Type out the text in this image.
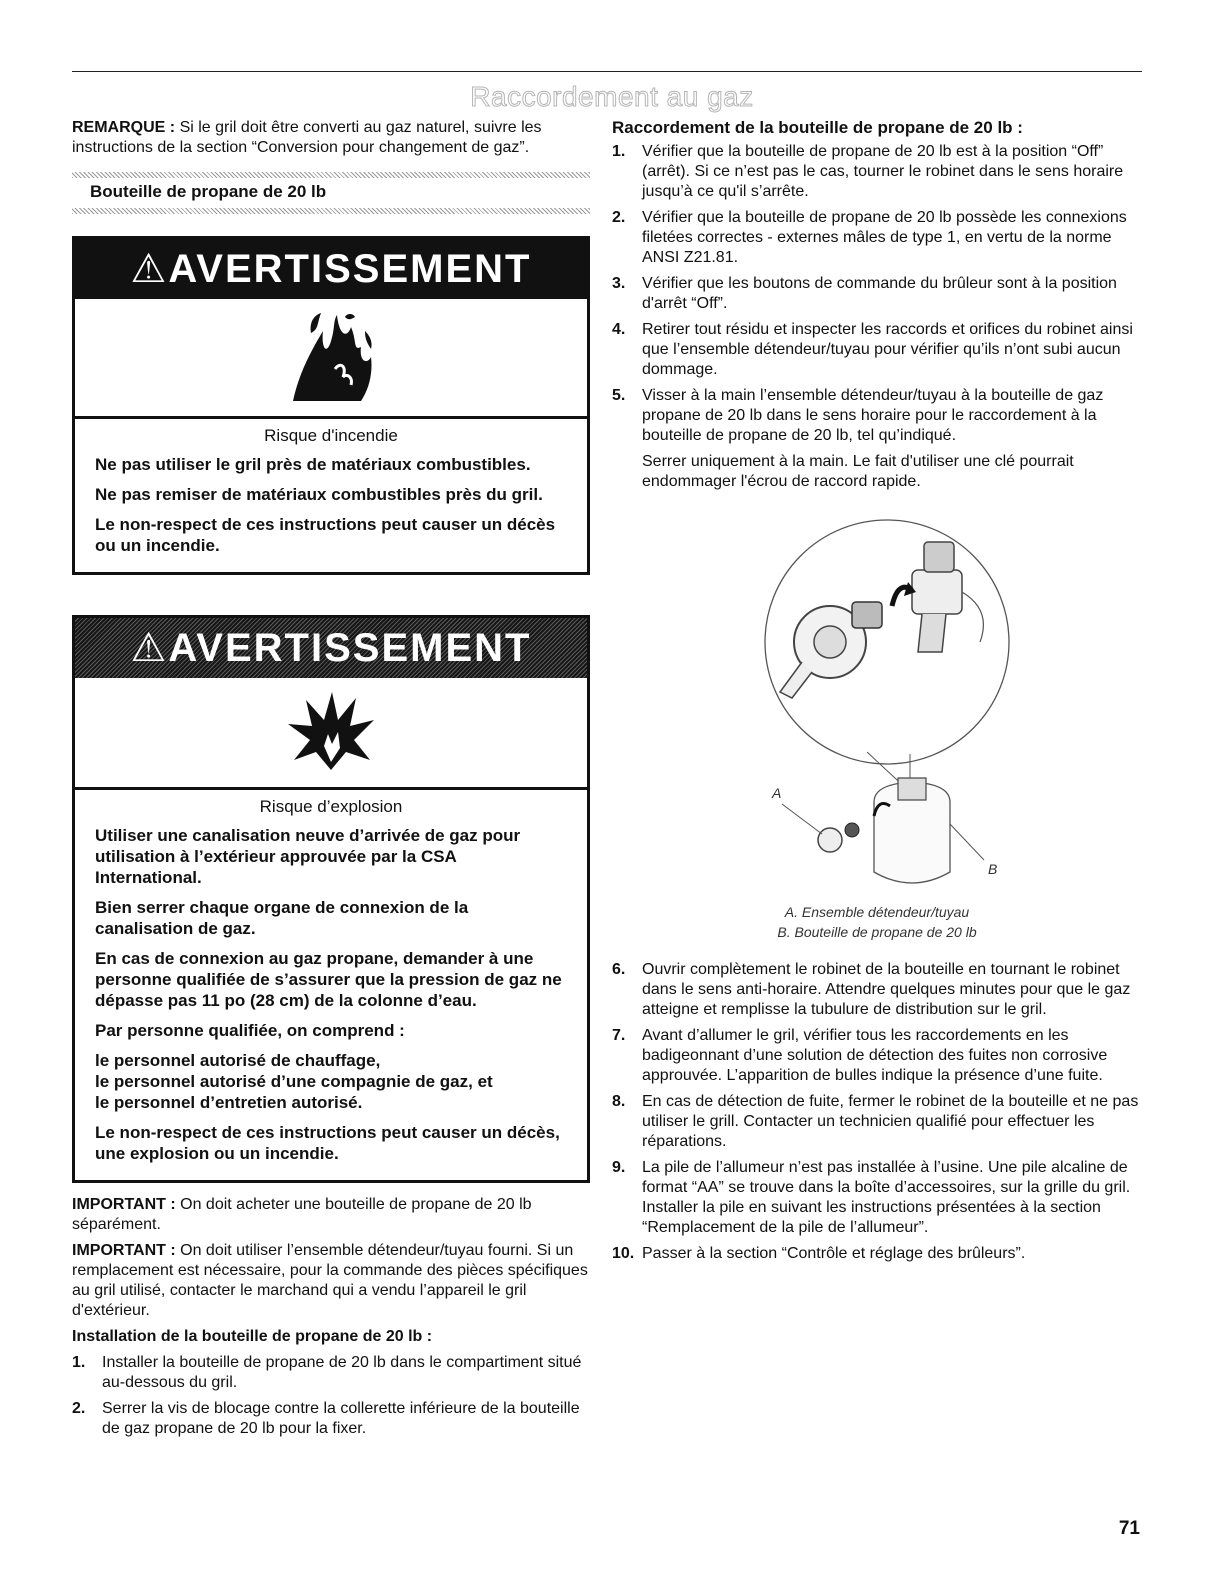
Raccordement au gaz

REMARQUE : Si le gril doit être converti au gaz naturel, suivre les instructions de la section “Conversion pour changement de gaz”.

Bouteille de propane de 20 lb
⚠AVERTISSEMENT

Risque d'incendie

Ne pas utiliser le gril près de matériaux combustibles.

Ne pas remiser de matériaux combustibles près du gril.

Le non-respect de ces instructions peut causer un décès ou un incendie.

⚠AVERTISSEMENT

Risque d’explosion

Utiliser une canalisation neuve d’arrivée de gaz pour utilisation à l’extérieur approuvée par la CSA International.

Bien serrer chaque organe de connexion de la canalisation de gaz.

En cas de connexion au gaz propane, demander à une personne qualifiée de s’assurer que la pression de gaz ne dépasse pas 11 po (28 cm) de la colonne d’eau.

Par personne qualifiée, on comprend :

le personnel autorisé de chauffage,

le personnel autorisé d’une compagnie de gaz, et

le personnel d’entretien autorisé.

Le non-respect de ces instructions peut causer un décès, une explosion ou un incendie.

IMPORTANT : On doit acheter une bouteille de propane de 20 lb séparément.

IMPORTANT : On doit utiliser l’ensemble détendeur/tuyau fourni. Si un remplacement est nécessaire, pour la commande des pièces spécifiques au gril utilisé, contacter le marchand qui a vendu l’appareil le gril d'extérieur.

Installation de la bouteille de propane de 20 lb :

1. Installer la bouteille de propane de 20 lb dans le compartiment situé au-dessous du gril.
2. Serrer la vis de blocage contre la collerette inférieure de la bouteille de gaz propane de 20 lb pour la fixer.

Raccordement de la bouteille de propane de 20 lb :

1. Vérifier que la bouteille de propane de 20 lb est à la position “Off” (arrêt). Si ce n’est pas le cas, tourner le robinet dans le sens horaire jusqu’à ce qu'il s’arrête.
2. Vérifier que la bouteille de propane de 20 lb possède les connexions filetées correctes - externes mâles de type 1, en vertu de la norme ANSI Z21.81.
3. Vérifier que les boutons de commande du brûleur sont à la position d'arrêt “Off”.
4. Retirer tout résidu et inspecter les raccords et orifices du robinet ainsi que l’ensemble détendeur/tuyau pour vérifier qu’ils n’ont subi aucun dommage.
5. Visser à la main l’ensemble détendeur/tuyau à la bouteille de gaz propane de 20 lb dans le sens horaire pour le raccordement à la bouteille de propane de 20 lb, tel qu’indiqué.

Serrer uniquement à la main. Le fait d'utiliser une clé pourrait endommager l'écrou de raccord rapide.

A
B
A. Ensemble détendeur/tuyau
B. Bouteille de propane de 20 lb
6. Ouvrir complètement le robinet de la bouteille en tournant le robinet dans le sens anti-horaire. Attendre quelques minutes pour que le gaz atteigne et remplisse la tubulure de distribution sur le gril.
7. Avant d’allumer le gril, vérifier tous les raccordements en les badigeonnant d’une solution de détection des fuites non corrosive approuvée. L’apparition de bulles indique la présence d’une fuite.
8. En cas de détection de fuite, fermer le robinet de la bouteille et ne pas utiliser le grill. Contacter un technicien qualifié pour effectuer les réparations.
9. La pile de l’allumeur n’est pas installée à l’usine. Une pile alcaline de format “AA” se trouve dans la boîte d’accessoires, sur la grille du gril. Installer la pile en suivant les instructions présentées à la section “Remplacement de la pile de l’allumeur”.
10. Passer à la section “Contrôle et réglage des brûleurs”.
71
